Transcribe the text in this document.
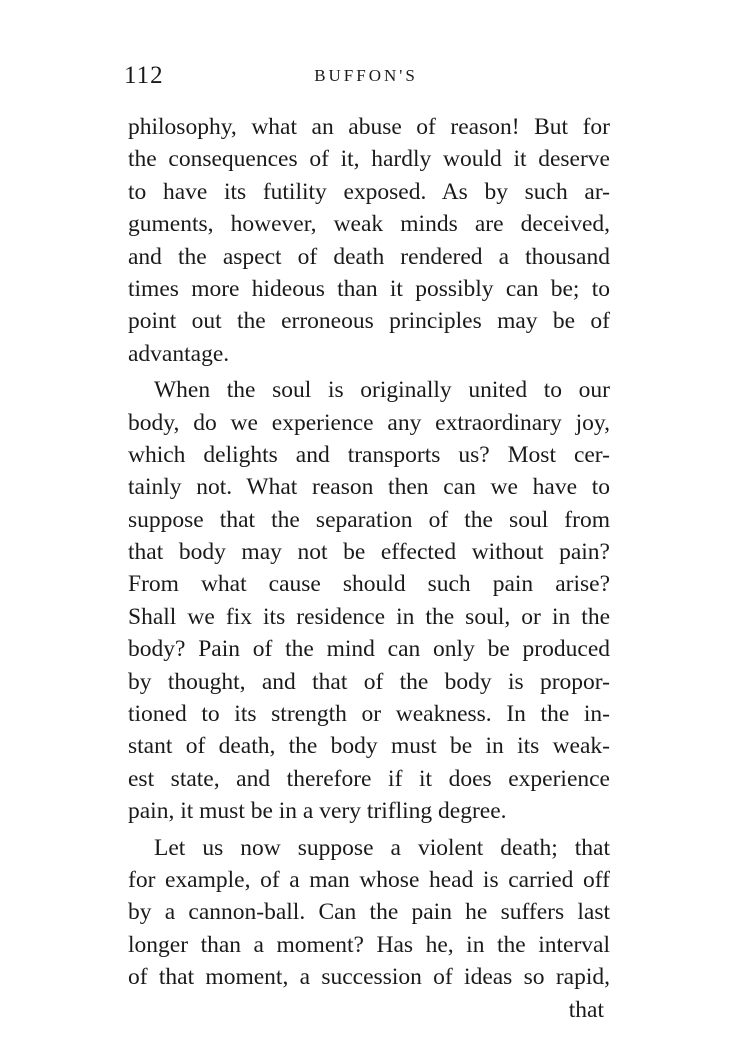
112	BUFFON'S
philosophy, what an abuse of reason! But for
the consequences of it, hardly would it deserve
to have its futility exposed. As by such ar-
guments, however, weak minds are deceived,
and the aspect of death rendered a thousand
times more hideous than it possibly can be; to
point out the erroneous principles may be of
advantage.
When the soul is originally united to our
body, do we experience any extraordinary joy,
which delights and transports us? Most cer-
tainly not. What reason then can we have to
suppose that the separation of the soul from
that body may not be effected without pain?
From what cause should such pain arise?
Shall we fix its residence in the soul, or in the
body? Pain of the mind can only be produced
by thought, and that of the body is propor-
tioned to its strength or weakness. In the in-
stant of death, the body must be in its weak-
est state, and therefore if it does experience
pain, it must be in a very trifling degree.
Let us now suppose a violent death; that
for example, of a man whose head is carried off
by a cannon-ball. Can the pain he suffers last
longer than a moment? Has he, in the interval
of that moment, a succession of ideas so rapid,
that
